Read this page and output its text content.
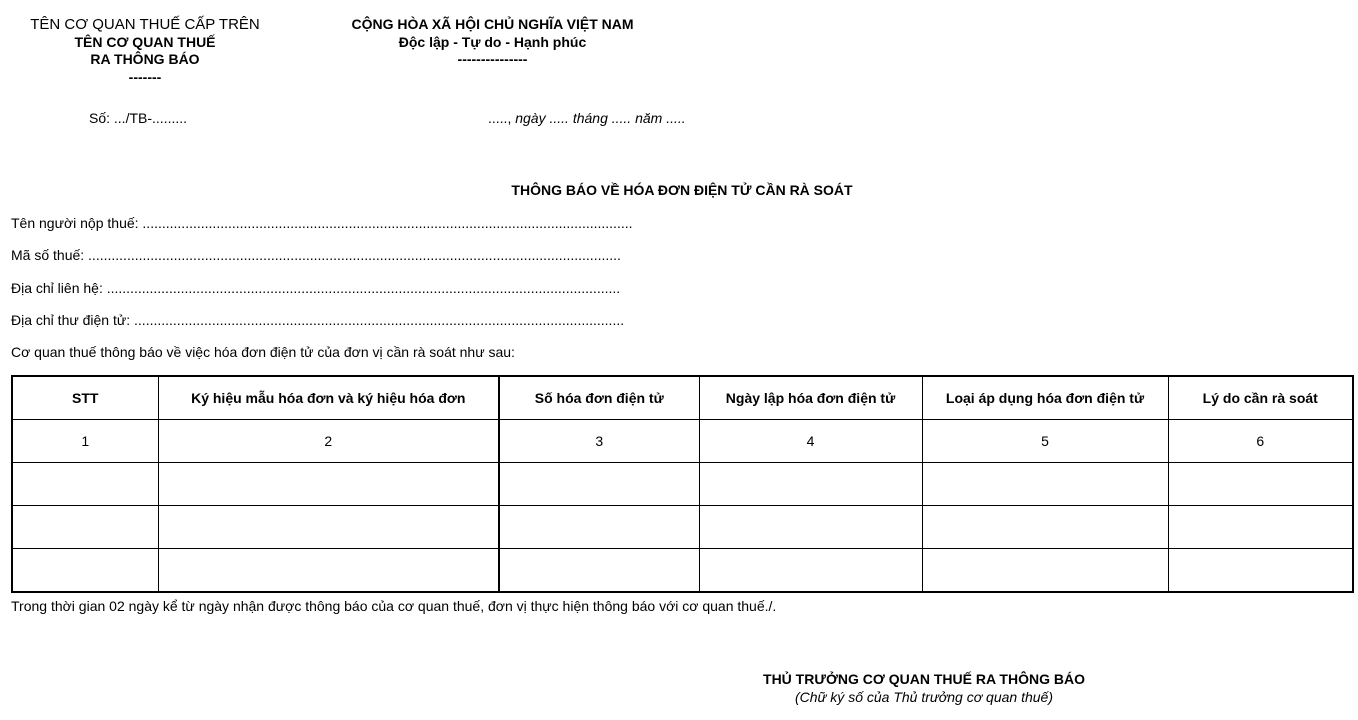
TÊN CƠ QUAN THUẾ CẤP TRÊN
TÊN CƠ QUAN THUẾ
RA THÔNG BÁO
-------
CỘNG HÒA XÃ HỘI CHỦ NGHĨA VIỆT NAM
Độc lập - Tự do - Hạnh phúc
---------------
Số: .../TB-.........	....., ngày ..... tháng ..... năm .....
THÔNG BÁO VỀ HÓA ĐƠN ĐIỆN TỬ CẦN RÀ SOÁT
Tên người nộp thuế: ..............................................................................................................................
Mã số thuế: .........................................................................................................................................
Địa chỉ liên hệ: ....................................................................................................................................
Địa chỉ thư điện tử: ..............................................................................................................................
Cơ quan thuế thông báo về việc hóa đơn điện tử của đơn vị cần rà soát như sau:
STT	Ký hiệu mẫu hóa đơn và ký hiệu hóa đơn	Số hóa đơn điện tử	Ngày lập hóa đơn điện tử	Loại áp dụng hóa đơn điện tử	Lý do cần rà soát
1	2	3	4	5	6

Trong thời gian 02 ngày kể từ ngày nhận được thông báo của cơ quan thuế, đơn vị thực hiện thông báo với cơ quan thuế./.
THỦ TRƯỞNG CƠ QUAN THUẾ RA THÔNG BÁO
(Chữ ký số của Thủ trưởng cơ quan thuế)
